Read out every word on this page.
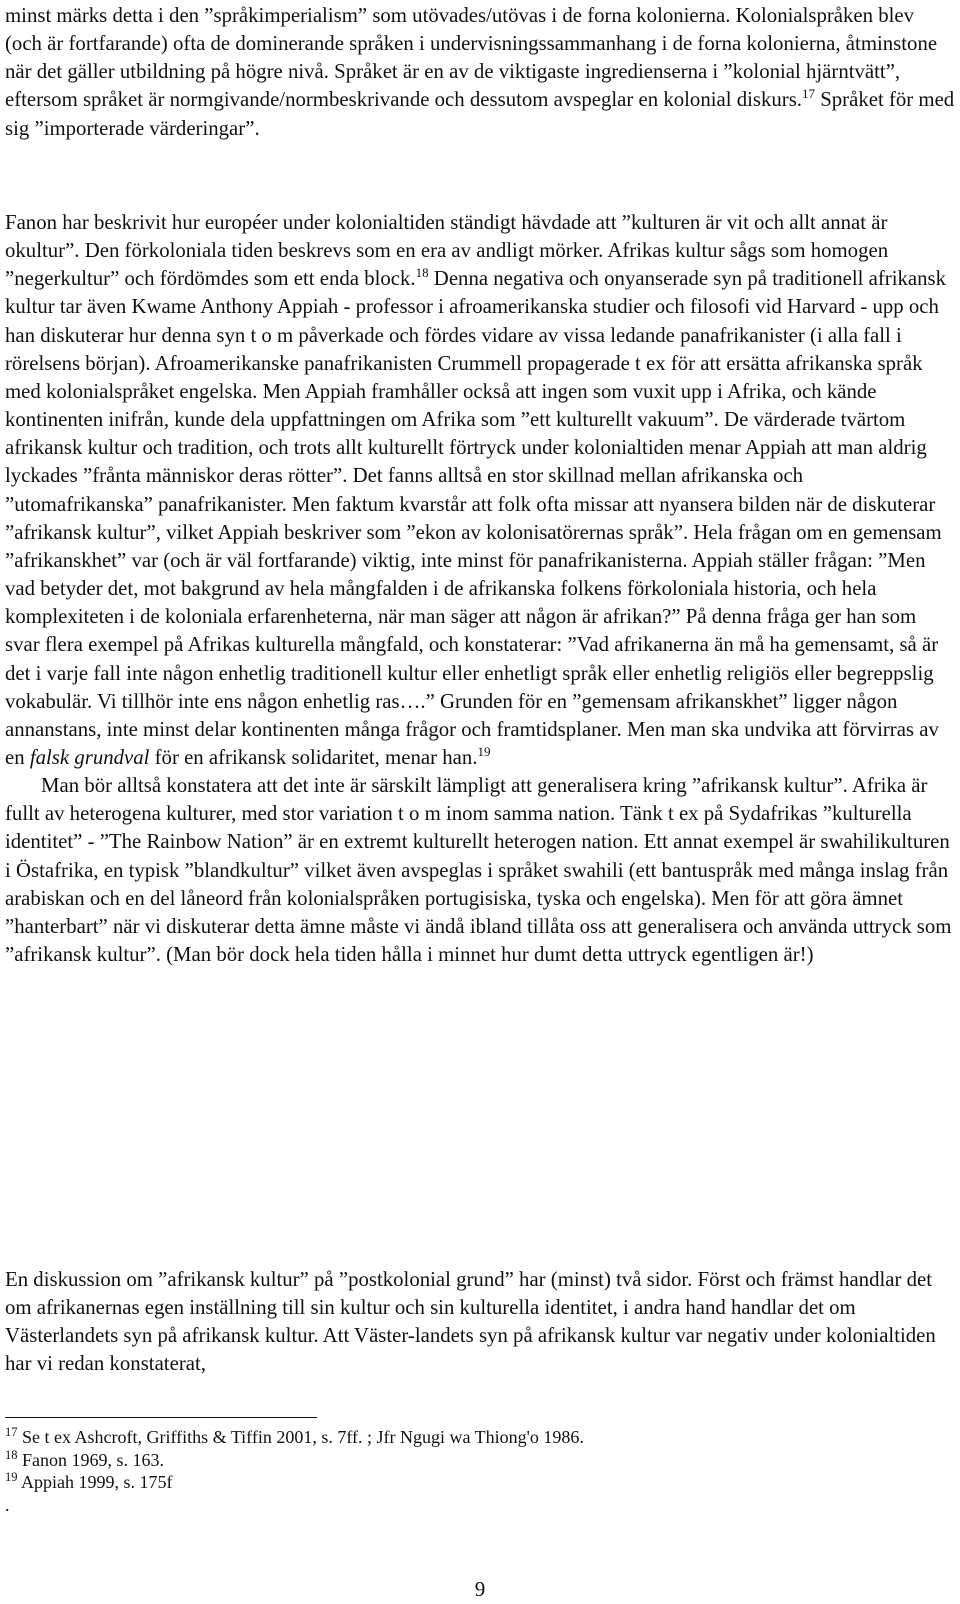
minst märks detta i den ”språkimperialism” som utövades/utövas i de forna kolonierna. Kolonialspråken blev (och är fortfarande) ofta de dominerande språken i undervisningssammanhang i de forna kolonierna, åtminstone när det gäller utbildning på högre nivå. Språket är en av de viktigaste ingredienserna i ”kolonial hjärntvätt”, eftersom språket är normgivande/normbeskrivande och dessutom avspeglar en kolonial diskurs.$^{17}$ Språket för med sig ”importerade värderingar”.

Fanon har beskrivit hur européer under kolonialtiden ständigt hävdade att ”kulturen är vit och allt annat är okultur”. Den förkoloniala tiden beskrevs som en era av andligt mörker. Afrikas kultur sågs som homogen ”negerkultur” och fördömdes som ett enda block.$^{18}$ Denna negativa och onyanserade syn på traditionell afrikansk kultur tar även Kwame Anthony Appiah - professor i afroamerikanska studier och filosofi vid Harvard - upp och han diskuterar hur denna syn t o m påverkade och fördes vidare av vissa ledande panafrikanister (i alla fall i rörelsens början). Afroamerikanske panafrikanisten Crummell propagerade t ex för att ersätta afrikanska språk med kolonialspråket engelska. Men Appiah framhåller också att ingen som vuxit upp i Afrika, och kände kontinenten inifrån, kunde dela uppfattningen om Afrika som ”ett kulturellt vakuum”. De värderade tvärtom afrikansk kultur och tradition, och trots allt kulturellt förtryck under kolonialtiden menar Appiah att man aldrig lyckades ”frånta människor deras rötter”. Det fanns alltså en stor skillnad mellan afrikanska och ”utomafrikanska” panafrikanister. Men faktum kvarstår att folk ofta missar att nyansera bilden när de diskuterar ”afrikansk kultur”, vilket Appiah beskriver som ”ekon av kolonisatörernas språk”. Hela frågan om en gemensam ”afrikanskhet” var (och är väl fortfarande) viktig, inte minst för panafrikanisterna. Appiah ställer frågan: ”Men vad betyder det, mot bakgrund av hela mångfalden i de afrikanska folkens förkoloniala historia, och hela komplexiteten i de koloniala erfarenheterna, när man säger att någon är afrikan?” På denna fråga ger han som svar flera exempel på Afrikas kulturella mångfald, och konstaterar: ”Vad afrikanerna än må ha gemensamt, så är det i varje fall inte någon enhetlig traditionell kultur eller enhetligt språk eller enhetlig religiös eller begreppslig vokabulär. Vi tillhör inte ens någon enhetlig ras….” Grunden för en ”gemensam afrikanskhet” ligger någon annanstans, inte minst delar kontinenten många frågor och framtidsplaner. Men man ska undvika att förvirras av en falsk grundval för en afrikansk solidaritet, menar han.$^{19}$
Man bör alltså konstatera att det inte är särskilt lämpligt att generalisera kring ”afrikansk kultur”. Afrika är fullt av heterogena kulturer, med stor variation t o m inom samma nation. Tänk t ex på Sydafrikas ”kulturella identitet” - ”The Rainbow Nation” är en extremt kulturellt heterogen nation. Ett annat exempel är swahilikulturen i Östafrika, en typisk ”blandkultur” vilket även avspeglas i språket swahili (ett bantuspråk med många inslag från arabiskan och en del låneord från kolonialspråken portugisiska, tyska och engelska). Men för att göra ämnet ”hanterbart” när vi diskuterar detta ämne måste vi ändå ibland tillåta oss att generalisera och använda uttryck som ”afrikansk kultur”. (Man bör dock hela tiden hålla i minnet hur dumt detta uttryck egentligen är!)

En diskussion om ”afrikansk kultur” på ”postkolonial grund” har (minst) två sidor. Först och främst handlar det om afrikanernas egen inställning till sin kultur och sin kulturella identitet, i andra hand handlar det om Västerlandets syn på afrikansk kultur. Att Väster-landets syn på afrikansk kultur var negativ under kolonialtiden har vi redan konstaterat,

$^{17}$ Se t ex Ashcroft, Griffiths & Tiffin 2001, s. 7ff. ; Jfr Ngugi wa Thiong'o 1986.
$^{18}$ Fanon 1969, s. 163.
$^{19}$ Appiah 1999, s. 175f
.
9
